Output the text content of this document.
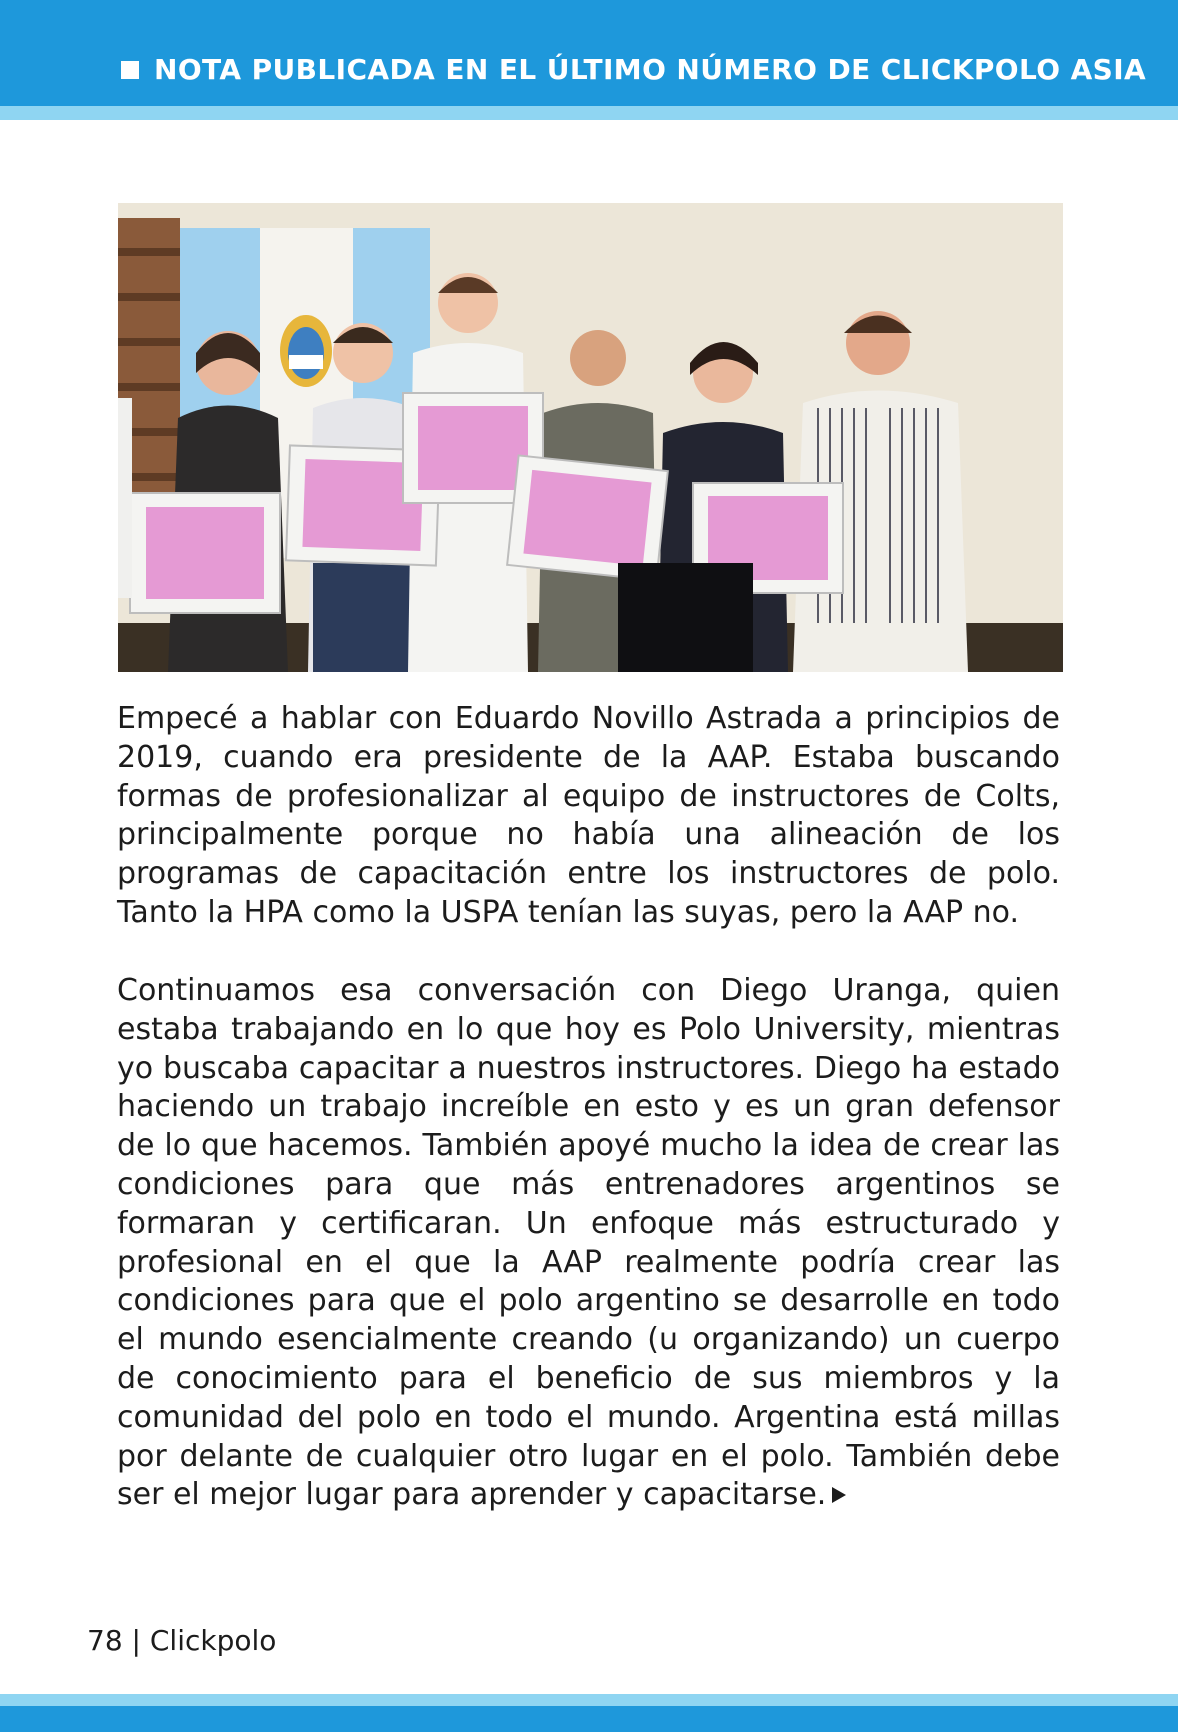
NOTA PUBLICADA EN EL ÚLTIMO NÚMERO DE CLICKPOLO ASIA
Empecé a hablar con Eduardo Novillo Astrada a principios de 2019, cuando era presidente de la AAP. Estaba buscando formas de profesionalizar al equipo de instructores de Colts, principalmente porque no había una alineación de los programas de capacitación entre los instructores de polo. Tanto la HPA como la USPA tenían las suyas, pero la AAP no.
Continuamos esa conversación con Diego Uranga, quien estaba trabajando en lo que hoy es Polo University, mientras yo buscaba capacitar a nuestros instructores. Diego ha estado haciendo un trabajo increíble en esto y es un gran defensor de lo que hacemos. También apoyé mucho la idea de crear las condiciones para que más entrenadores argentinos se formaran y certificaran. Un enfoque más estructurado y profesional en el que la AAP realmente podría crear las condiciones para que el polo argentino se desarrolle en todo el mundo esencialmente creando (u organizando) un cuerpo de conocimiento para el beneficio de sus miembros y la comunidad del polo en todo el mundo. Argentina está millas por delante de cualquier otro lugar en el polo. También debe ser el mejor lugar para aprender y capacitarse.
78 | Clickpolo
